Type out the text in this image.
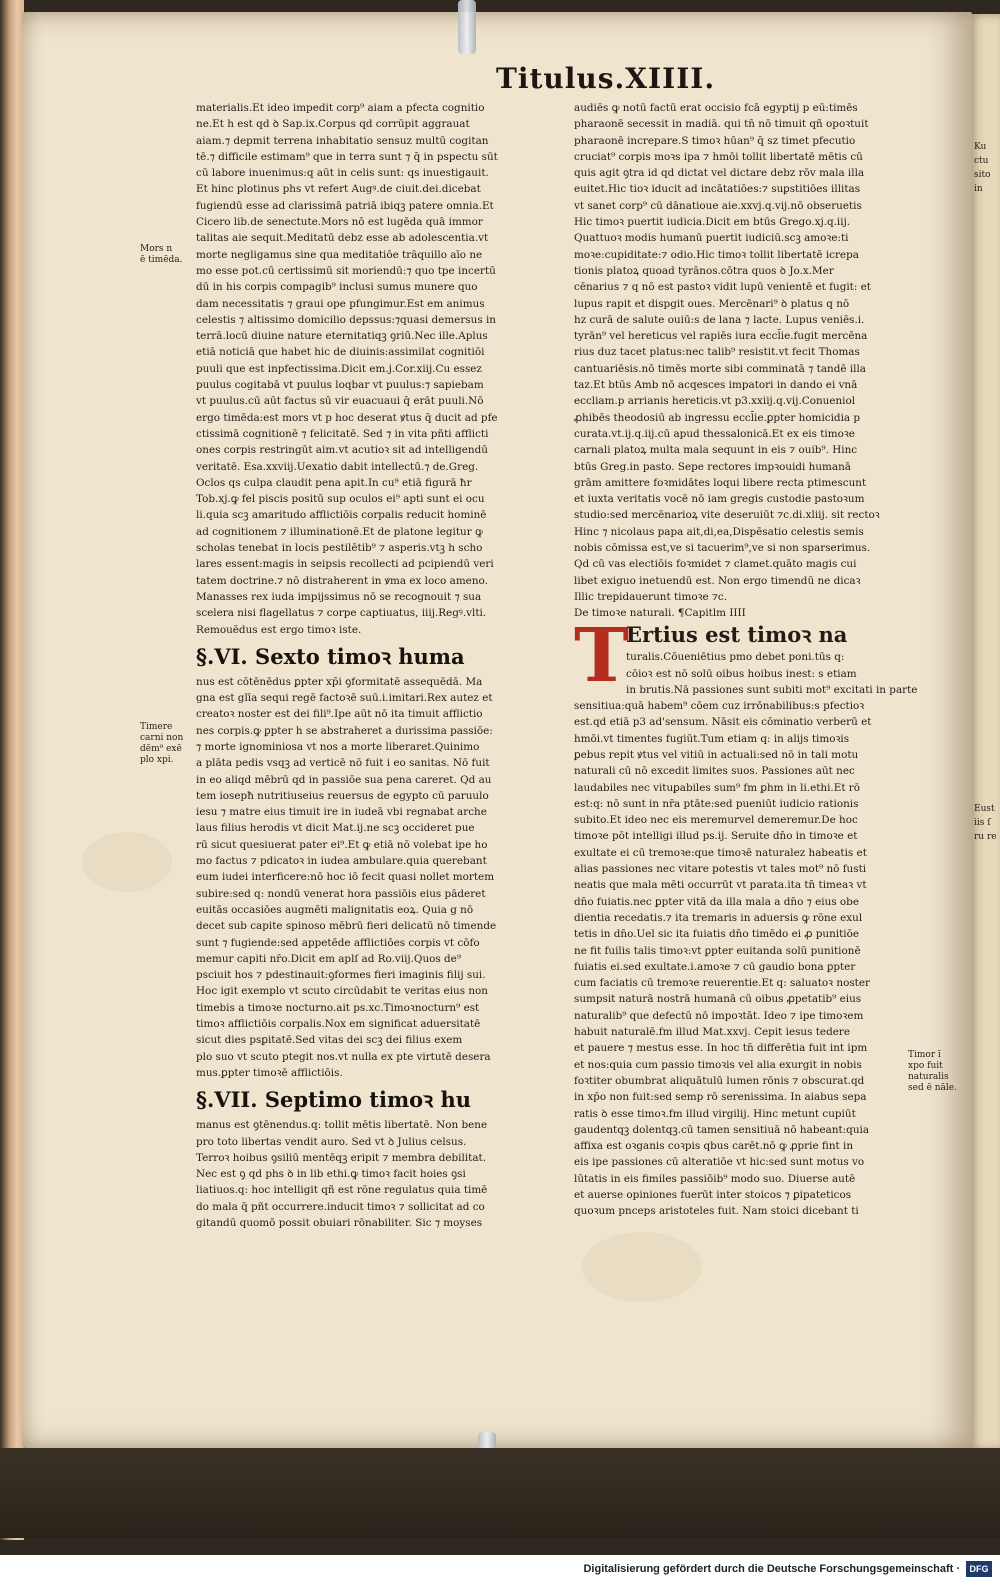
Ku
ctu
sito
in
Eust
iis ſ
ru re
Titulus.XIIII.
Mors n
ē timēda.
Timere
carni non
dēm⁹ exē
plo xpi.
Timor ī
xpo fuit
naturalis
sed ē nāle.
materialis.Et ideo impedit corp⁹ aiam a pfecta cognitio
ne.Et h est qd ꝺ Sap.ix.Corpus qd corrūpit aggrauat
aiam.⁊ depmit terrena inhabitatio sensuz multū cogitan
tē.⁊ difficile estimam⁹ que in terra sunt ⁊ q̄ in pspectu sūt
cū labore inuenimus:q aūt in celis sunt: qs inuestigauit.
Et hinc plotinus phs vt refert Augꝰ.de ciuit.dei.dicebat
fugiendū esse ad clarissimā patriā ibiqꝫ patere omnia.Et
Cicero lib.de senectute.Mors nō est lugēda quā immor
talitas aie sequit.Meditatū debz esse ab adolescentia.vt
morte negligamus sine qua meditatiōe trāquillo aīo ne
mo esse pot.cū certissimū sit moriendū:⁊ quo tpe incertū
dū in his corpis compagib⁹ inclusi sumus munere quo
dam necessitatis ⁊ graui ope pfungimur.Est em animus
celestis ⁊ altissimo domicilio depssus:⁊quasi demersus in
terrā.locū diuine nature eternitatiqꝫ ꝯriū.Nec ille.Aplus
etiā noticiā que habet hic de diuinis:assimilat cognitiōi
puuli que est inpfectissima.Dicit em.j.Cor.xiij.Cu essez
puulus cogitabā vt puulus loqbar vt puulus:⁊ sapiebam
vt puulus.cū aūt factus sū vir euacuaui q̄ erāt puuli.Nō
ergo timēda:est mors vt p hoc deserat ꝟtus q̄ ducit ad pfe
ctissimā cognitionē ⁊ felicitatē. Sed ⁊ in vita pñti afflicti
ones corpis restringūt aim.vt acutioꝛ sit ad intelligendū
veritatē. Esa.xxviij.Uexatio dabit intellectū.⁊ de.Greg.
Oclos qs culpa claudit pena apit.In cu⁹ etiā figurā ħr
Tob.xj.ꝙ fel piscis positū sup oculos ei⁹ apti sunt ei ocu
li.quia scꝫ amaritudo afflictiōis corpalis reducit hominē
ad cognitionem ⁊ illuminationē.Et de platone legitur ꝙ
scholas tenebat in locis pestilētib⁹ ⁊ asperis.vtꝫ h scho
lares essent:magis in seipsis recollecti ad pcipiendū veri
tatem doctrine.⁊ nō distraherent in ꝟma ex loco ameno.
Manasses rex iuda impijssimus nō se recognouit ⁊ sua
scelera nisi flagellatus ⁊ corpe captiuatus, iiij.Regꝰ.vlti.
Remouēdus est ergo timoꝛ iste.
§.VI. Sexto timoꝛ huma
nus est cōtēnēdus ꝑpter xp̄i ꝯformitatē assequēdā. Ma
gna est glīa sequi regē factoꝛē suū.i.imitari.Rex autez et
creatoꝛ noster est dei fili⁹.Ipe aūt nō ita timuit afflictio
nes corpis.ꝙ ꝑpter h se abstraheret a durissima passiōe:
⁊ morte ignominiosa vt nos a morte liberaret.Quinimo
a plāta pedis vsqꝫ ad verticē nō fuit i eo sanitas. Nō fuit
in eo aliqd mēbrū qd in passiōe sua pena careret. Qd au
tem iosepħ nutritiuseius reuersus de egypto cū paruulo
iesu ⁊ matre eius timuit ire in iudeā vbi regnabat arche
laus filius herodis vt dicit Mat.ij.ne scꝫ occideret pue
rū sicut quesiuerat pater ei⁹.Et ꝙ etiā nō volebat ipe ho
mo factus ⁊ pdicatoꝛ in iudea ambulare.quia querebant
eum iudei interficere:nō hoc iō fecit quasi nollet mortem
subire:sed q: nondū venerat hora passiōis eius pāderet
euitās occasiōes augmēti malignitatis eoꝝ. Quia g nō
decet sub capite spinoso mēbrū fieri delicatū nō timende
sunt ⁊ fugiende:sed appetēde afflictiōes corpis vt cōfo
memur capiti nr̄o.Dicit em aplſ ad Ro.viij.Quos de⁹
psciuit hos ⁊ pdestinauit:ꝯformes fieri imaginis filij sui.
Hoc igit exemplo vt scuto circūdabit te veritas eius non
timebis a timoꝛe nocturno.ait ps.xc.Timoꝛnocturn⁹ est
timoꝛ afflictiōis corpalis.Nox em significat aduersitatē
sicut dies psꝑitatē.Sed vitas dei scꝫ dei filius exem
plo suo vt scuto ptegit nos.vt nulla ex pte virtutē desera
mus.ꝑpter timoꝛē afflictiōis.
§.VII. Septimo timoꝛ hu
manus est ꝯtēnendus.q: tollit mētis libertatē. Non bene
pro toto libertas vendit auro. Sed vt ꝺ Julius celsus.
Terroꝛ hoibus ꝯsiliū mentēqꝫ eripit ⁊ membra debilitat.
Nec est ꝯ qd phs ꝺ in lib ethi.ꝙ timoꝛ facit hoies ꝯsi
liatiuos.q: hoc intelligit qñ est rōne regulatus quia timē
do mala q̄ pñt occurrere.inducit timoꝛ ⁊ sollicitat ad co
gitandū quomō possit obuiari rōnabiliter. Sic ⁊ moyses
audiēs ꝙ notū factū erat occisio fcā egyptij p eū:timēs
pharaonē secessit in madiā. qui tn̄ nō timuit qñ opoꝛtuit
pharaonē increpare.S timoꝛ hūan⁹ q̄ sz timet pfecutio
cruciat⁹ corpis moꝛs ipa ⁊ hmōi tollit libertatē mētis cū
quis agit ꝯtra id qd dictat vel dictare debz rōv mala illa
euitet.Hic tioꝛ iducit ad incātatiōes:⁊ suꝑstitiōes illitas
vt sanet corp⁹ cū dānatioue aie.xxvj.q.vij.nō obseruetis
Hic timoꝛ puertit iudicia.Dicit em btūs Grego.xj.q.iij.
Quattuoꝛ modis humanū puertit iudiciū.scꝫ amoꝛe:ti
moꝛe:cupiditate:⁊ odio.Hic timoꝛ tollit libertatē icrepa
tionis platoꝝ quoad tyrānos.cōtra quos ꝺ Jo.x.Mer
cēnarius ⁊ q nō est pastoꝛ vidit lupū venientē et fugit: et
lupus rapit et dispgit oues. Mercēnari⁹ ꝺ platus q nō
hz curā de salute ouiū:s de lana ⁊ lacte. Lupus veniēs.i.
tyrān⁹ vel hereticus vel rapiēs iura eccl̄ie.fugit mercēna
rius duz tacet platus:nec talib⁹ resistit.vt fecit Thomas
cantuariēsis.nō timēs morte sibi comminatā ⁊ tandē illa
taz.Et btūs Amb nō acqesces impatori in dando ei vnā
eccliam.p arrianis hereticis.vt p3.xxiij.q.vij.Conueniol
ꝓhibēs theodosiū ab ingressu eccl̄ie.ꝑpter homicidia p
curata.vt.ij.q.iij.cū apud thessalonicā.Et ex eis timoꝛe
carnali platoꝝ multa mala sequunt in eis ⁊ ouib⁹. Hinc
btūs Greg.in pasto. Sepe rectores impꝛouidi humanā
grām amittere foꝛmidātes loqui libere recta ptimescunt
et iuxta veritatis vocē nō iam gregis custodie pastoꝛum
studio:sed mercēnarioꝝ vite deseruiūt ⁊c.di.xliij. sit rectoꝛ
Hinc ⁊ nicolaus papa ait,di,ea,Dispēsatio celestis semis
nobis cōmissa est,ve si tacuerim⁹,ve si non sparserimus.
Qd cū vas electiōis foꝛmidet ⁊ clamet.quāto magis cui
libet exiguo inetuendū est. Non ergo timendū ne dicaꝛ
Illic trepidauerunt timoꝛe ⁊c.
De timoꝛe naturali. ¶Capitlm IIII
T
Ertius est timoꝛ na
turalis.Cōueniētius pmo debet poni.tūs q:
cōioꝛ est nō solū oibus hoibus inest: s etiam
in brutis.Nā passiones sunt subiti mot⁹ excitati in parte
sensitiua:quā habem⁹ cōem cuz irrōnabilibus:s pfectioꝛ
est.qd etiā p3 ad'sensum. Nāsit eis cōminatio verberū et
hmōi.vt timentes fugiūt.Tum etiam q: in alijs timoꝛis
ꝑebus repit ꝟtus vel vitiū in actuali:sed nō in tali motu
naturali cū nō excedit limites suos. Passiones aūt nec
laudabiles nec vituꝑabiles sum⁹ fm ꝑhm in li.ethi.Et rō
est:q: nō sunt in nr̄a ptāte:sed pueniūt iudicio rationis
subito.Et ideo nec eis meremurvel demeremur.De hoc
timoꝛe pōt intelligi illud ps.ij. Seruite dn̄o in timoꝛe et
exultate ei cū tremoꝛe:que timoꝛē naturalez habeatis et
alias passiones nec vitare potestis vt tales mot⁹ nō fusti
neatis que mala mēti occurrūt vt parata.ita tn̄ timeaꝛ vt
dn̄o fuiatis.nec ꝑpter vitā da illa mala a dn̄o ⁊ eius obe
dientia recedatis.⁊ ita tremaris in aduersis ꝙ rōne exul
tetis in dn̄o.Uel sic ita fuiatis dn̄o timēdo ei ꝓ punitiōe
ne fit fuilis talis timoꝛ:vt ꝑpter euitanda solū punitionē
fuiatis ei.sed exultate.i.amoꝛe ⁊ cū gaudio bona ꝑpter
cum faciatis cū tremoꝛe reuerentie.Et q: saluatoꝛ noster
sumpsit naturā nostrā humanā cū oibus ꝓpetatib⁹ eius
naturalib⁹ que defectū nō impoꝛtāt. Ideo ⁊ ipe timoꝛem
habuit naturalē.fm illud Mat.xxvj. Cepit iesus tedere
et pauere ⁊ mestus esse. In hoc tn̄ differētia fuit int ipm
et nos:quia cum passio timoꝛis vel alia exurgit in nobis
foꝛtiter obumbrat aliquātulū lumen rōnis ⁊ obscurat.qd
in xp̄o non fuit:sed semp rō serenissima. In aiabus sepa
ratis ꝺ esse timoꝛ.fm illud virgilij. Hinc metunt cupiūt
gaudentqꝫ dolentqꝫ.cū tamen sensitiuā nō habeant:quia
affixa est oꝛganis coꝛpis qbus carēt.nō ꝙ ꝓprie fint in
eis ipe passiones cū alteratiōe vt hic:sed sunt motus vo
lūtatis in eis fimiles passiōib⁹ modo suo. Diuerse autē
et auerse opiniones fuerūt inter stoicos ⁊ ꝑipateticos
quoꝛum pnceps aristoteles fuit. Nam stoici dicebant ti
Digitalisierung gefördert durch die Deutsche Forschungsgemeinschaft ·	DFG
